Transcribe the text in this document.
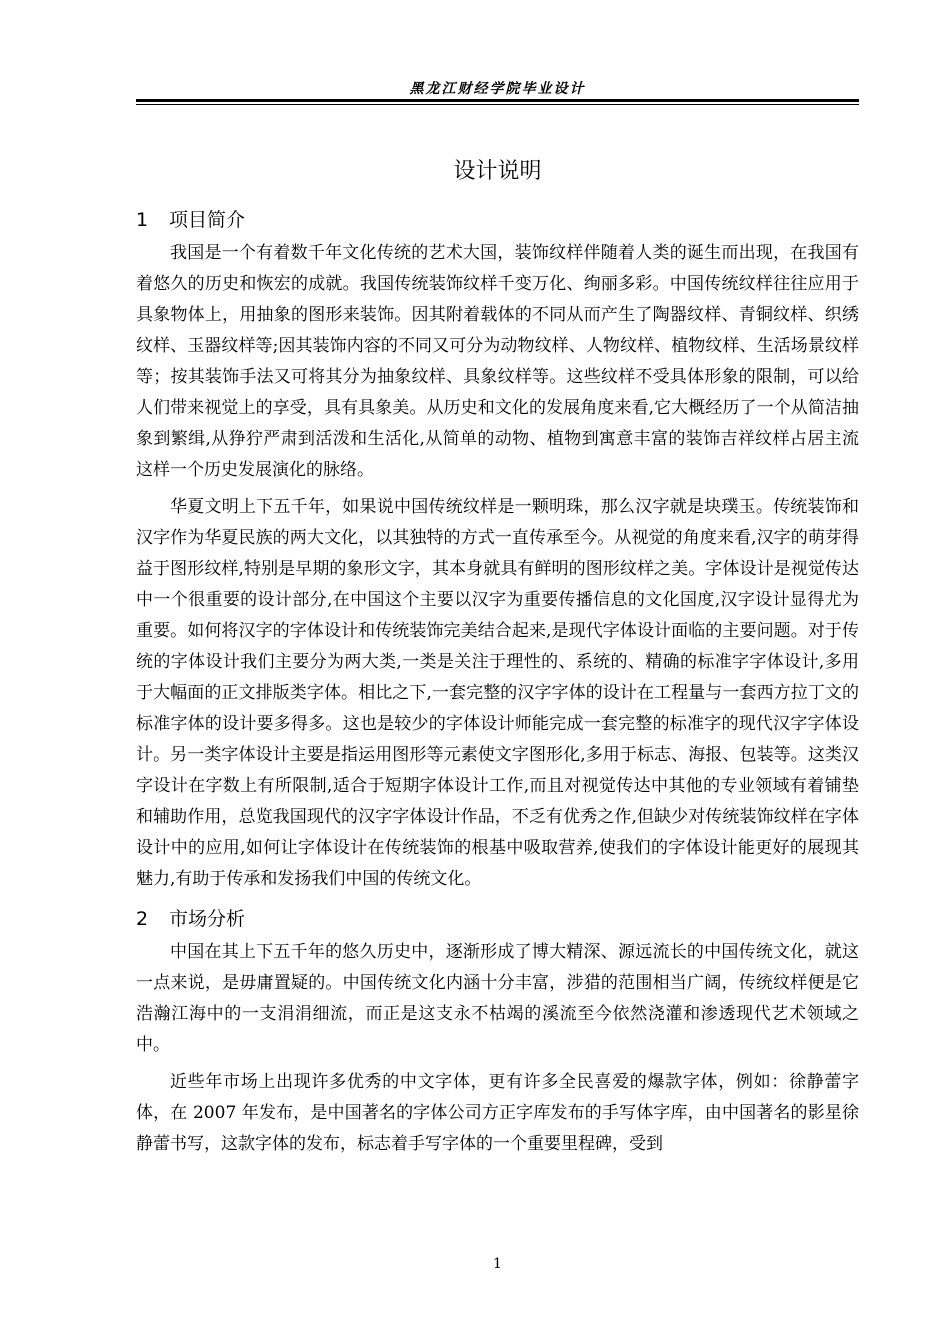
黑龙江财经学院毕业设计
设计说明
1 项目简介

我国是一个有着数千年文化传统的艺术大国，装饰纹样伴随着人类的诞生而出现，在我国有着悠久的历史和恢宏的成就。我国传统装饰纹样千变万化、绚丽多彩。中国传统纹样往往应用于具象物体上，用抽象的图形来装饰。因其附着载体的不同从而产生了陶器纹样、青铜纹样、织绣纹样、玉器纹样等;因其装饰内容的不同又可分为动物纹样、人物纹样、植物纹样、生活场景纹样等；按其装饰手法又可将其分为抽象纹样、具象纹样等。这些纹样不受具体形象的限制，可以给人们带来视觉上的享受，具有具象美。从历史和文化的发展角度来看,它大概经历了一个从简洁抽象到繁缉,从狰狞严肃到活泼和生活化,从简单的动物、植物到寓意丰富的装饰吉祥纹样占居主流这样一个历史发展演化的脉络。

华夏文明上下五千年，如果说中国传统纹样是一颗明珠，那么汉字就是块璞玉。传统装饰和汉字作为华夏民族的两大文化，以其独特的方式一直传承至今。从视觉的角度来看,汉字的萌芽得益于图形纹样,特别是早期的象形文字，其本身就具有鲜明的图形纹样之美。字体设计是视觉传达中一个很重要的设计部分,在中国这个主要以汉字为重要传播信息的文化国度,汉字设计显得尤为重要。如何将汉字的字体设计和传统装饰完美结合起来,是现代字体设计面临的主要问题。对于传统的字体设计我们主要分为两大类,一类是关注于理性的、系统的、精确的标准字字体设计,多用于大幅面的正文排版类字体。相比之下,一套完整的汉字字体的设计在工程量与一套西方拉丁文的标准字体的设计要多得多。这也是较少的字体设计师能完成一套完整的标准字的现代汉字字体设计。另一类字体设计主要是指运用图形等元素使文字图形化,多用于标志、海报、包装等。这类汉字设计在字数上有所限制,适合于短期字体设计工作,而且对视觉传达中其他的专业领域有着铺垫和辅助作用，总览我国现代的汉字字体设计作品，不乏有优秀之作,但缺少对传统装饰纹样在字体设计中的应用,如何让字体设计在传统装饰的根基中吸取营养,使我们的字体设计能更好的展现其魅力,有助于传承和发扬我们中国的传统文化。

2 市场分析

中国在其上下五千年的悠久历史中，逐渐形成了博大精深、源远流长的中国传统文化，就这一点来说，是毋庸置疑的。中国传统文化内涵十分丰富，涉猎的范围相当广阔，传统纹样便是它浩瀚江海中的一支涓涓细流，而正是这支永不枯竭的溪流至今依然浇灌和渗透现代艺术领域之中。

近些年市场上出现许多优秀的中文字体，更有许多全民喜爱的爆款字体，例如：徐静蕾字体，在 2007 年发布，是中国著名的字体公司方正字库发布的手写体字库，由中国著名的影星徐静蕾书写，这款字体的发布，标志着手写字体的一个重要里程碑，受到

1
